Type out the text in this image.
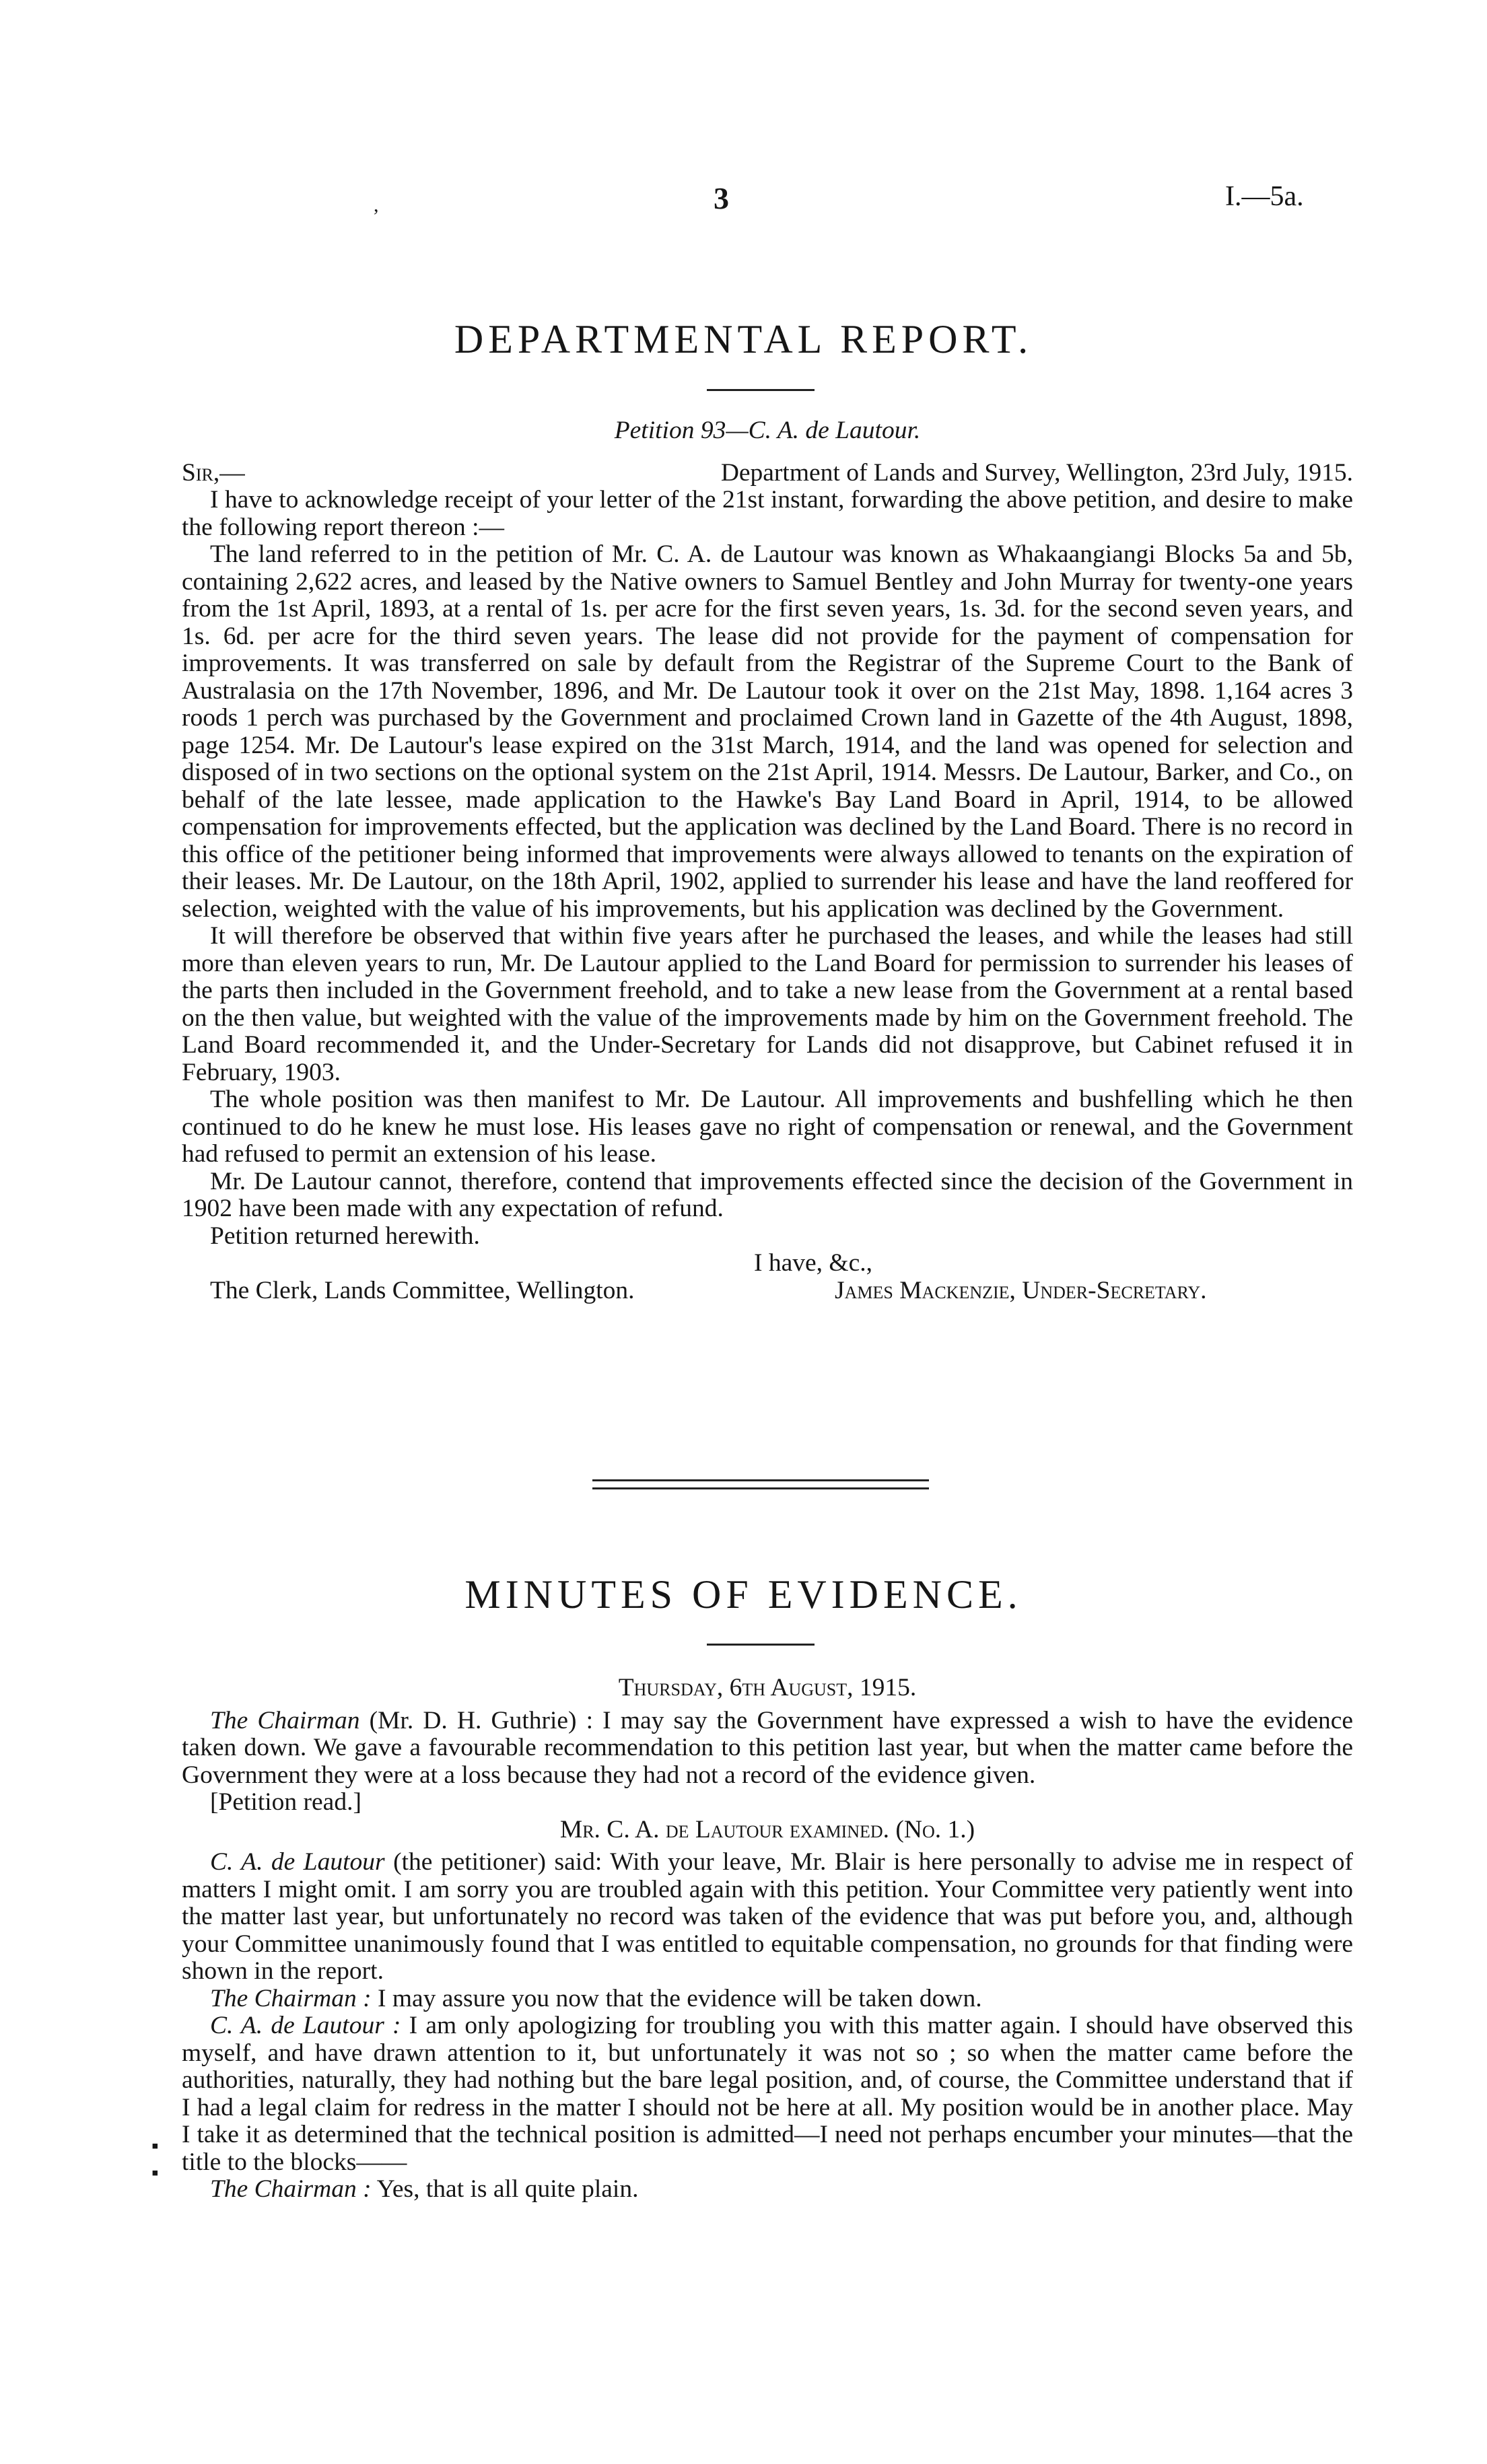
,	3	I.—5a.
DEPARTMENTAL REPORT.

Petition 93—C. A. de Lautour.

Sir,—	Department of Lands and Survey, Wellington, 23rd July, 1915.

I have to acknowledge receipt of your letter of the 21st instant, forwarding the above petition, and desire to make the following report thereon :—

The land referred to in the petition of Mr. C. A. de Lautour was known as Whakaangiangi Blocks 5a and 5b, containing 2,622 acres, and leased by the Native owners to Samuel Bentley and John Murray for twenty-one years from the 1st April, 1893, at a rental of 1s. per acre for the first seven years, 1s. 3d. for the second seven years, and 1s. 6d. per acre for the third seven years. The lease did not provide for the payment of compensation for improvements. It was transferred on sale by default from the Registrar of the Supreme Court to the Bank of Australasia on the 17th November, 1896, and Mr. De Lautour took it over on the 21st May, 1898. 1,164 acres 3 roods 1 perch was purchased by the Government and proclaimed Crown land in Gazette of the 4th August, 1898, page 1254. Mr. De Lautour's lease expired on the 31st March, 1914, and the land was opened for selection and disposed of in two sections on the optional system on the 21st April, 1914. Messrs. De Lautour, Barker, and Co., on behalf of the late lessee, made application to the Hawke's Bay Land Board in April, 1914, to be allowed compensation for improvements effected, but the application was declined by the Land Board. There is no record in this office of the petitioner being informed that improvements were always allowed to tenants on the expiration of their leases. Mr. De Lautour, on the 18th April, 1902, applied to surrender his lease and have the land reoffered for selection, weighted with the value of his improvements, but his application was declined by the Government.

It will therefore be observed that within five years after he purchased the leases, and while the leases had still more than eleven years to run, Mr. De Lautour applied to the Land Board for permission to surrender his leases of the parts then included in the Government freehold, and to take a new lease from the Government at a rental based on the then value, but weighted with the value of the improvements made by him on the Government freehold. The Land Board recommended it, and the Under-Secretary for Lands did not disapprove, but Cabinet refused it in February, 1903.

The whole position was then manifest to Mr. De Lautour. All improvements and bushfelling which he then continued to do he knew he must lose. His leases gave no right of compensation or renewal, and the Government had refused to permit an extension of his lease.

Mr. De Lautour cannot, therefore, contend that improvements effected since the decision of the Government in 1902 have been made with any expectation of refund.

Petition returned herewith.

I have, &c.,
The Clerk, Lands Committee, Wellington.	James Mackenzie, Under-Secretary.
MINUTES OF EVIDENCE.

Thursday, 6th August, 1915.

The Chairman (Mr. D. H. Guthrie) : I may say the Government have expressed a wish to have the evidence taken down. We gave a favourable recommendation to this petition last year, but when the matter came before the Government they were at a loss because they had not a record of the evidence given.

[Petition read.]

Mr. C. A. de Lautour examined. (No. 1.)

C. A. de Lautour (the petitioner) said: With your leave, Mr. Blair is here personally to advise me in respect of matters I might omit. I am sorry you are troubled again with this petition. Your Committee very patiently went into the matter last year, but unfortunately no record was taken of the evidence that was put before you, and, although your Committee unanimously found that I was entitled to equitable compensation, no grounds for that finding were shown in the report.

The Chairman : I may assure you now that the evidence will be taken down.

C. A. de Lautour : I am only apologizing for troubling you with this matter again. I should have observed this myself, and have drawn attention to it, but unfortunately it was not so ; so when the matter came before the authorities, naturally, they had nothing but the bare legal position, and, of course, the Committee understand that if I had a legal claim for redress in the matter I should not be here at all. My position would be in another place. May I take it as determined that the technical position is admitted—I need not perhaps encumber your minutes—that the title to the blocks——

The Chairman : Yes, that is all quite plain.

▪
▪
